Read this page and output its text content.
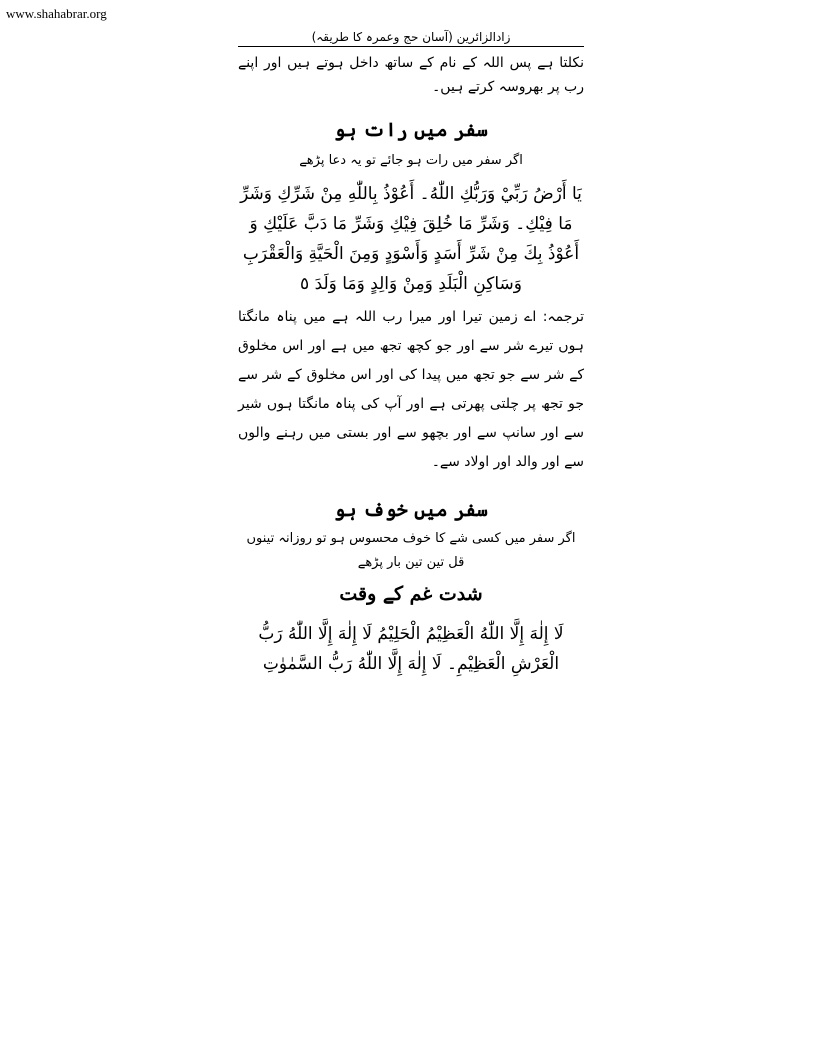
www.shahabrar.org
زادالزائرین (آسان حج وعمرہ کا طریقہ)

نکلتا ہے پس اللہ کے نام کے ساتھ داخل ہوتے ہیں اور اپنے رب پر بھروسہ کرتے ہیں۔

سفر میں رات ہو

اگر سفر میں رات ہو جائے تو یہ دعا پڑھے

يَا أَرْضُ رَبِّيْ وَرَبُّكِ اللّٰهُ۔ أَعُوْذُ بِاللّٰهِ مِنْ شَرِّكِ وَشَرِّ
مَا فِيْكِ۔ وَشَرِّ مَا خُلِقَ فِيْكِ وَشَرِّ مَا دَبَّ عَلَيْكِ وَ
أَعُوْذُ بِكَ مِنْ شَرِّ أَسَدٍ وَأَسْوَدٍ وَمِنَ الْحَيَّةِ وَالْعَقْرَبِ
وَسَاكِنِ الْبَلَدِ وَمِنْ وَالِدٍ وَمَا وَلَدَ ٥

ترجمہ: اے زمین تیرا اور میرا رب اللہ ہے میں پناہ مانگتا ہوں تیرے شر سے اور جو کچھ تجھ میں ہے اور اس مخلوق کے شر سے جو تجھ میں پیدا کی اور اس مخلوق کے شر سے جو تجھ پر چلتی پھرتی ہے اور آپ کی پناہ مانگتا ہوں شیر سے اور سانپ سے اور بچھو سے اور بستی میں رہنے والوں سے اور والد اور اولاد سے۔

سفر میں خوف ہو

اگر سفر میں کسی شے کا خوف محسوس ہو تو روزانہ تینوں قل تین تین بار پڑھے

شدت غم کے وقت
لَا إِلٰهَ إِلَّا اللّٰهُ الْعَظِيْمُ الْحَلِيْمُ لَا إِلٰهَ إِلَّا اللّٰهُ رَبُّ
الْعَرْشِ الْعَظِيْمِ۔ لَا إِلٰهَ إِلَّا اللّٰهُ رَبُّ السَّمٰوٰتِ
